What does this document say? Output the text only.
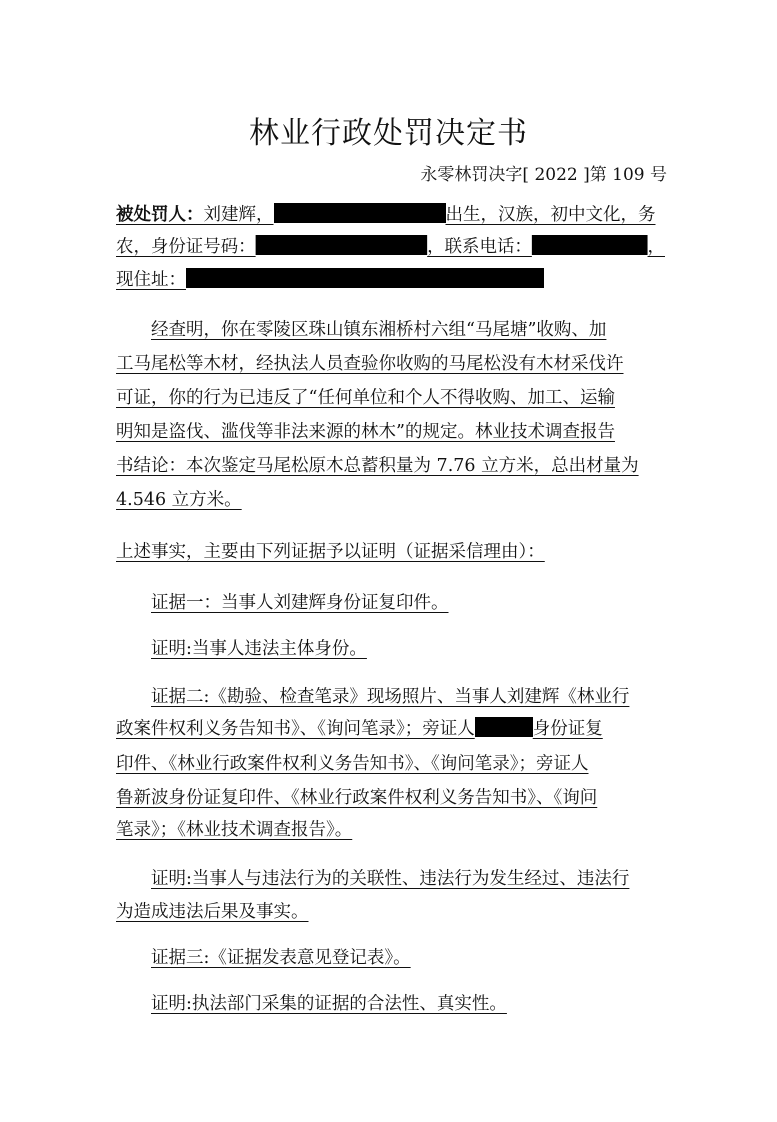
林业行政处罚决定书
永零林罚决字[ 2022 ]第 109 号
被处罚人：刘建辉，	出生，汉族，初中文化，务
农，身份证号码：	，联系电话：	，
现住址：
经查明，你在零陵区珠山镇东湘桥村六组“马尾塘”收购、加
工马尾松等木材，经执法人员查验你收购的马尾松没有木材采伐许
可证，你的行为已违反了“任何单位和个人不得收购、加工、运输
明知是盗伐、滥伐等非法来源的林木”的规定。林业技术调查报告
书结论：本次鉴定马尾松原木总蓄积量为 7.76 立方米，总出材量为
4.546 立方米。
上述事实，主要由下列证据予以证明（证据采信理由）：
证据一：当事人刘建辉身份证复印件。
证明:当事人违法主体身份。
证据二:《勘验、检查笔录》现场照片、当事人刘建辉《林业行
政案件权利义务告知书》、《询问笔录》；旁证人	身份证复
印件、《林业行政案件权利义务告知书》、《询问笔录》；旁证人
鲁新波身份证复印件、《林业行政案件权利义务告知书》、《询问
笔录》；《林业技术调查报告》。
证明:当事人与违法行为的关联性、违法行为发生经过、违法行
为造成违法后果及事实。
证据三:《证据发表意见登记表》。
证明:执法部门采集的证据的合法性、真实性。
